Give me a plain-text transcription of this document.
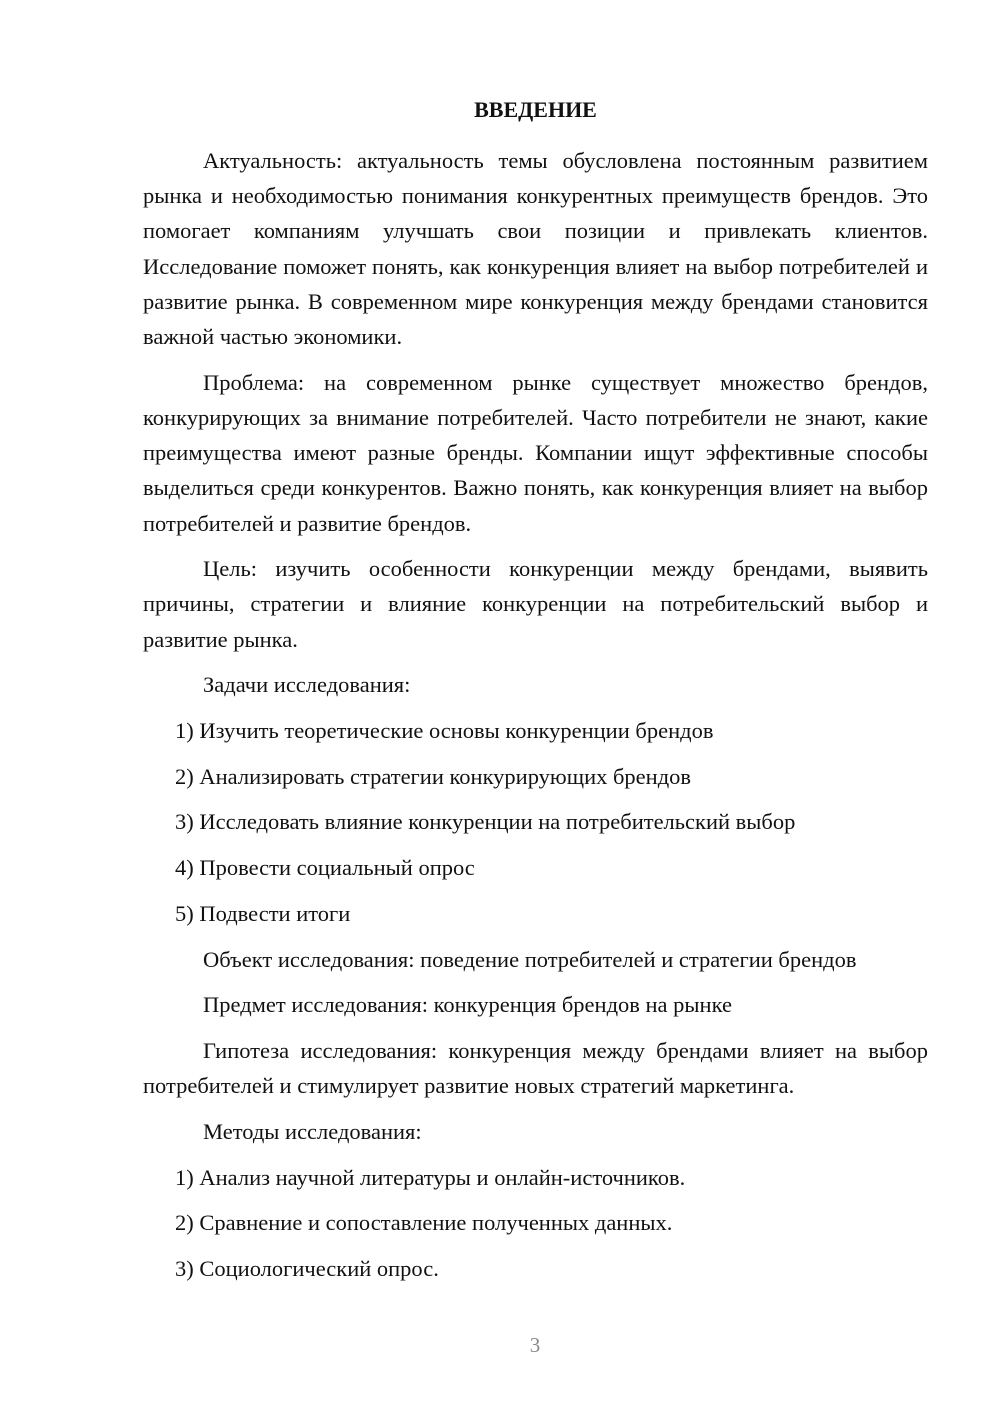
ВВЕДЕНИЕ

Актуальность: актуальность темы обусловлена постоянным развитием рынка и необходимостью понимания конкурентных преимуществ брендов. Это помогает компаниям улучшать свои позиции и привлекать клиентов. Исследование поможет понять, как конкуренция влияет на выбор потребителей и развитие рынка. В современном мире конкуренция между брендами становится важной частью экономики.

Проблема: на современном рынке существует множество брендов, конкурирующих за внимание потребителей. Часто потребители не знают, какие преимущества имеют разные бренды. Компании ищут эффективные способы выделиться среди конкурентов. Важно понять, как конкуренция влияет на выбор потребителей и развитие брендов.

Цель: изучить особенности конкуренции между брендами, выявить причины, стратегии и влияние конкуренции на потребительский выбор и развитие рынка.

Задачи исследования:

1) Изучить теоретические основы конкуренции брендов
2) Анализировать стратегии конкурирующих брендов
3) Исследовать влияние конкуренции на потребительский выбор
4) Провести социальный опрос
5) Подвести итоги

Объект исследования: поведение потребителей и стратегии брендов

Предмет исследования: конкуренция брендов на рынке

Гипотеза исследования: конкуренция между брендами влияет на выбор потребителей и стимулирует развитие новых стратегий маркетинга.

Методы исследования:

1) Анализ научной литературы и онлайн-источников.
2) Сравнение и сопоставление полученных данных.
3) Социологический опрос.
3
